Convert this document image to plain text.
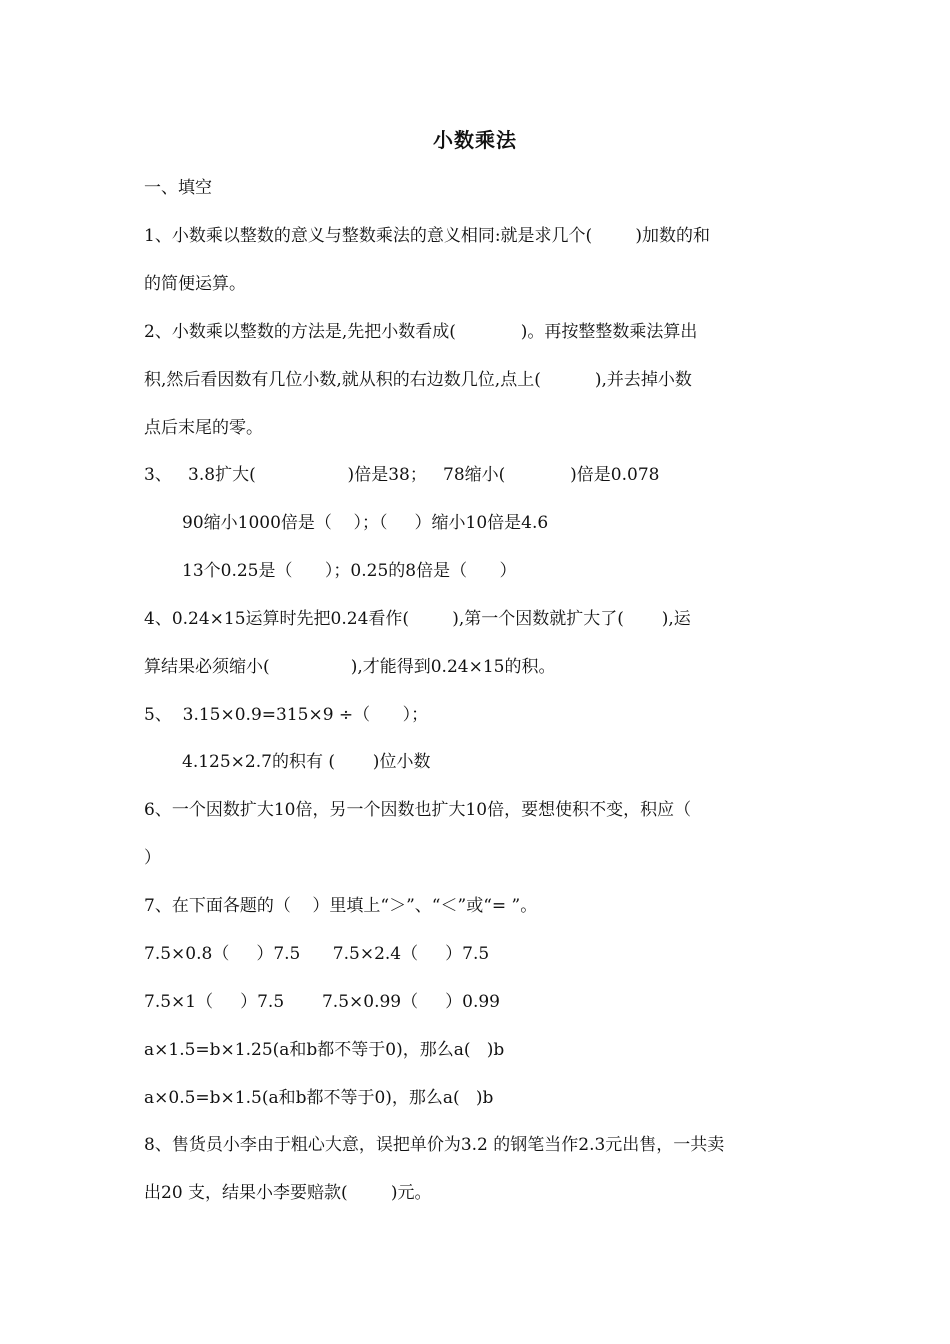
小数乘法
一、填空
1、小数乘以整数的意义与整数乘法的意义相同:就是求几个(        )加数的和
的简便运算。
2、小数乘以整数的方法是,先把小数看成(            )。再按整整数乘法算出
积,然后看因数有几位小数,就从积的右边数几位,点上(          ),并去掉小数
点后末尾的零。
3、   3.8扩大(                 )倍是38；   78缩小(            )倍是0.078
90缩小1000倍是（    ）；（     ）缩小10倍是4.6
13个0.25是（      ）；0.25的8倍是（      ）
4、0.24×15运算时先把0.24看作(        ),第一个因数就扩大了(       ),运
算结果必须缩小(               ),才能得到0.24×15的积。
5、  3.15×0.9=315×9 ÷（      ）；
4.125×2.7的积有 (       )位小数
6、一个因数扩大10倍，另一个因数也扩大10倍，要想使积不变，积应（
）
7、在下面各题的（    ）里填上“＞”、“＜”或“= ”。
7.5×0.8（     ）7.5      7.5×2.4（     ）7.5
7.5×1（     ）7.5       7.5×0.99（     ）0.99
a×1.5=b×1.25(a和b都不等于0)，那么a(   )b
a×0.5=b×1.5(a和b都不等于0)，那么a(   )b
8、售货员小李由于粗心大意，误把单价为3.2 的钢笔当作2.3元出售，一共卖
出20 支，结果小李要赔款(        )元。
